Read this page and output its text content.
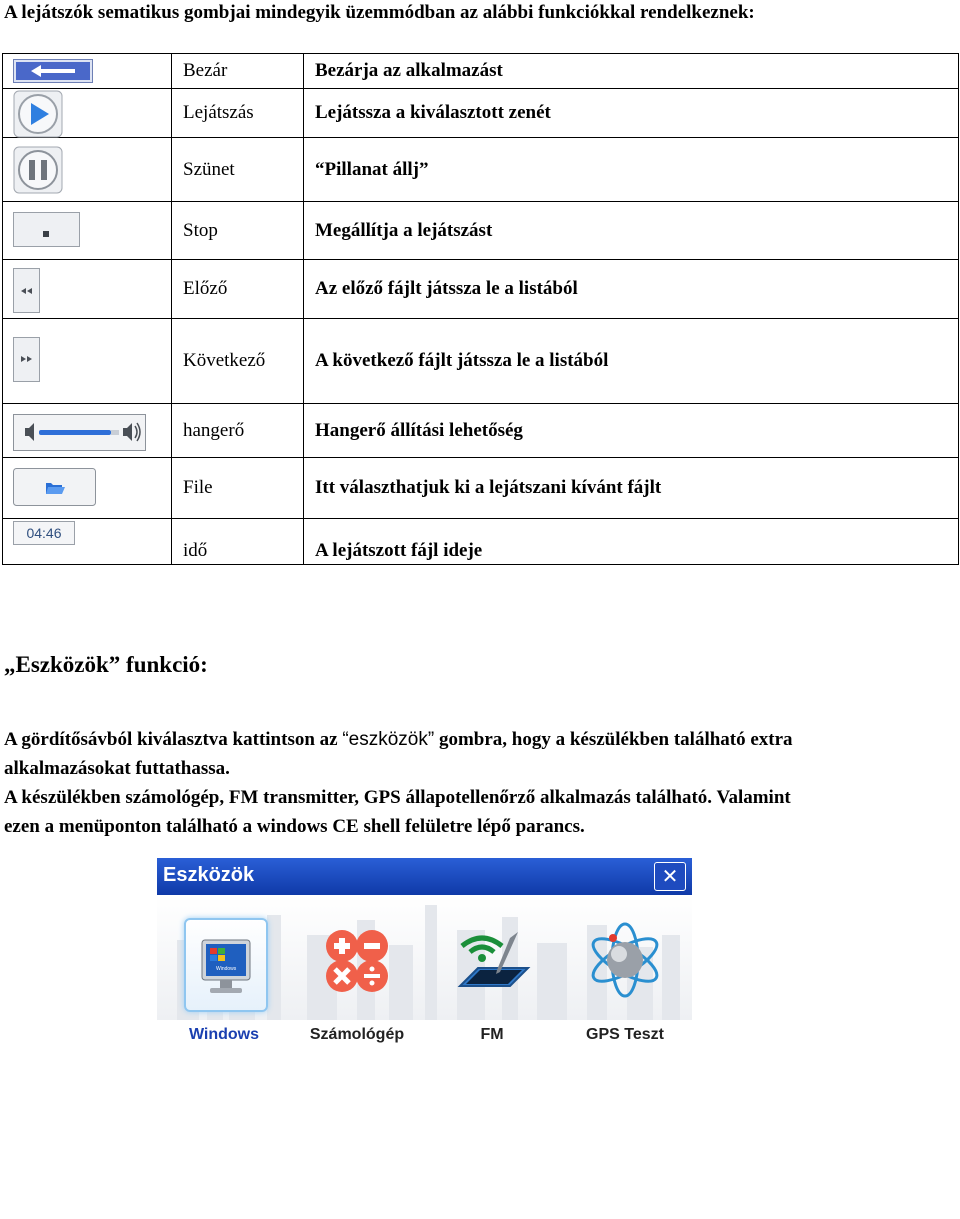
A lejátszók sematikus gombjai mindegyik üzemmódban az alábbi funkciókkal rendelkeznek:
	Bezár	Bezárja az alkalmazást

	Lejátszás	Lejátssza a kiválasztott zenét

	Szünet	“Pillanat állj”

	Stop	Megállítja a lejátszást

	Előző	Az előző fájlt játssza le a listából

	Következő	A következő fájlt játssza le a listából

	hangerő	Hangerő állítási lehetőség

	File	Itt választhatjuk ki a lejátszani kívánt fájlt

04:46	idő	A lejátszott fájl ideje
„Eszközök” funkció:
A gördítősávból kiválasztva kattintson az “eszközök” gombra, hogy a készülékben található extra
alkalmazásokat futtathassa.
A készülékben számológép, FM transmitter, GPS állapotellenőrző alkalmazás található. Valamint
ezen a menüponton található a windows CE shell felületre lépő parancs.
Eszközök	✕
Windows
Windows	Számológép	FM	GPS Teszt
